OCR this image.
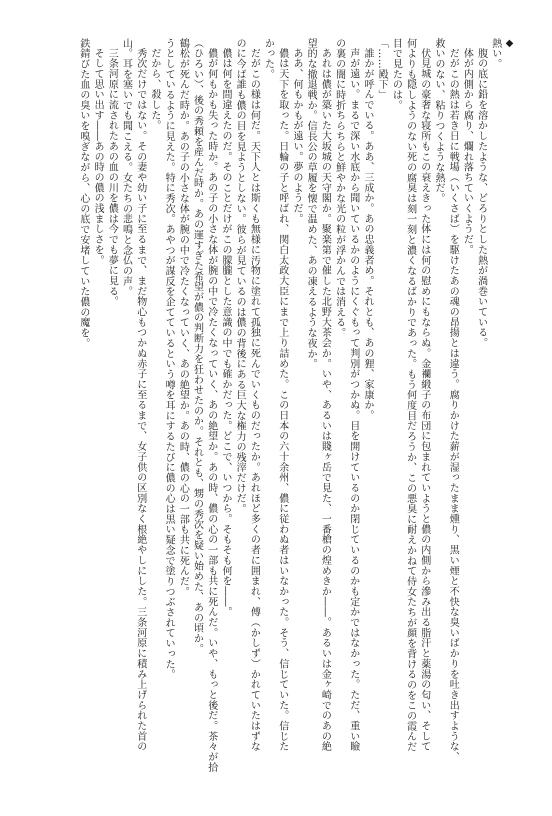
◆
熱い。
腹の底に鉛を溶かしたような、どろりとした熱が渦巻いている。
体が内側から腐り、爛れ落ちていくようだ。
だがこの熱は若き日に戦場（いくさば）を駆けたあの魂の昂揚とは違う。腐りかけた薪が湿ったまま燻り、黒い煙と不快な臭いばかりを吐き出すような、
救いのない、粘りつくような熱だ。
伏見城の豪奢な寝所もこの衰えきった体には何の慰めにもならぬ。金襴緞子の布団に包まれていようと儂の内側から滲み出る脂汗と薬湯の匂い、そして
何よりも隠しようのない死の腐臭は刻一刻と濃くなるばかりであった。もう何度目だろうか、この悪臭に耐えかねて侍女たちが顔を背けるのをこの霞んだ
目で見たのは。
「……殿下」
誰かが呼んでいる。ああ、三成か。あの忠義者め。それとも、あの狸、家康か。
声が遠い。まるで深い水底から聞いているかのようにくぐもって判別がつかぬ。目を開けているのか閉じているのかも定かではなかった。ただ、重い瞼
の裏の闇に時折ちらちらと鮮やかな光の粒が浮かんでは消える。
あれは儂が築いた大坂城の天守閣か。聚楽第で催した北野大茶会か。いや、あるいは賤ヶ岳で見た、一番槍の煌めきか――。あるいは金ヶ崎でのあの絶
望的な撤退戦か。信長公の草履を懐で温めた、あの凍えるような夜か。
ああ、何もかもが遠い。夢のようだ。
儂は天下を取った。日輪の子と呼ばれ、関白太政大臣にまで上り詰めた。この日本の六十余州、儂に従わぬ者はいなかった。そう、信じていた。信じた
かった。
だがこの様は何だ。天下人とは斯くも無様に汚物に塗れて孤独に死んでいくものだったか。あれほど多くの者に囲まれ、傅（かしず）かれていたはずな
のに今ば誰も儂の目を見ようとしない。彼らが見ているのは儂の背後にある巨大な権力の残滓だけだ。
儂は何を間違えたのだ。そのことだけがこの朦朧とした意識の中でも確かだった。どこで、いつから。そもそも何を――。
儂が何もかも失った時か。あの子の小さな体が腕の中で冷たくなっていく、あの絶望か。あの時、儂の心の一部も共に死んだ。いや、もっと後だ。茶々が拾
（ひろい）、後の秀頼を産んだ時か。あの運すぎた希望が儂の判断力を狂わせたのか。それとも、甥の秀次を疑い始めた、あの頃か。
鶴松が死んだ時か。あの子の小さな体が腕の中で冷たくなっていく、あの絶望か。あの時、儂の心の一部も共に死んだ。
うとしているように見えた。特に秀次。あやつが謀反を企てているという噂を耳にするたびに儂の心は黒い疑念で塗りつぶされていった。
だから、殺した。
秀次だけではない。その妻や幼い子に至るまで、まだ物心もつかぬ赤子に至るまで、女子供の区別なく根絶やしにした。三条河原に積み上げられた首の
山。耳を塞いでも聞こえる。女たちの悲鳴と念仏の声。
三条河原に流されたあの血の川を儂は今でも夢に見る。
そして思い出す――あの時の儂の浅ましさを。
鉄錆びた血の臭いを嗅ぎながら、心の底で安堵していた儂の魔を。
